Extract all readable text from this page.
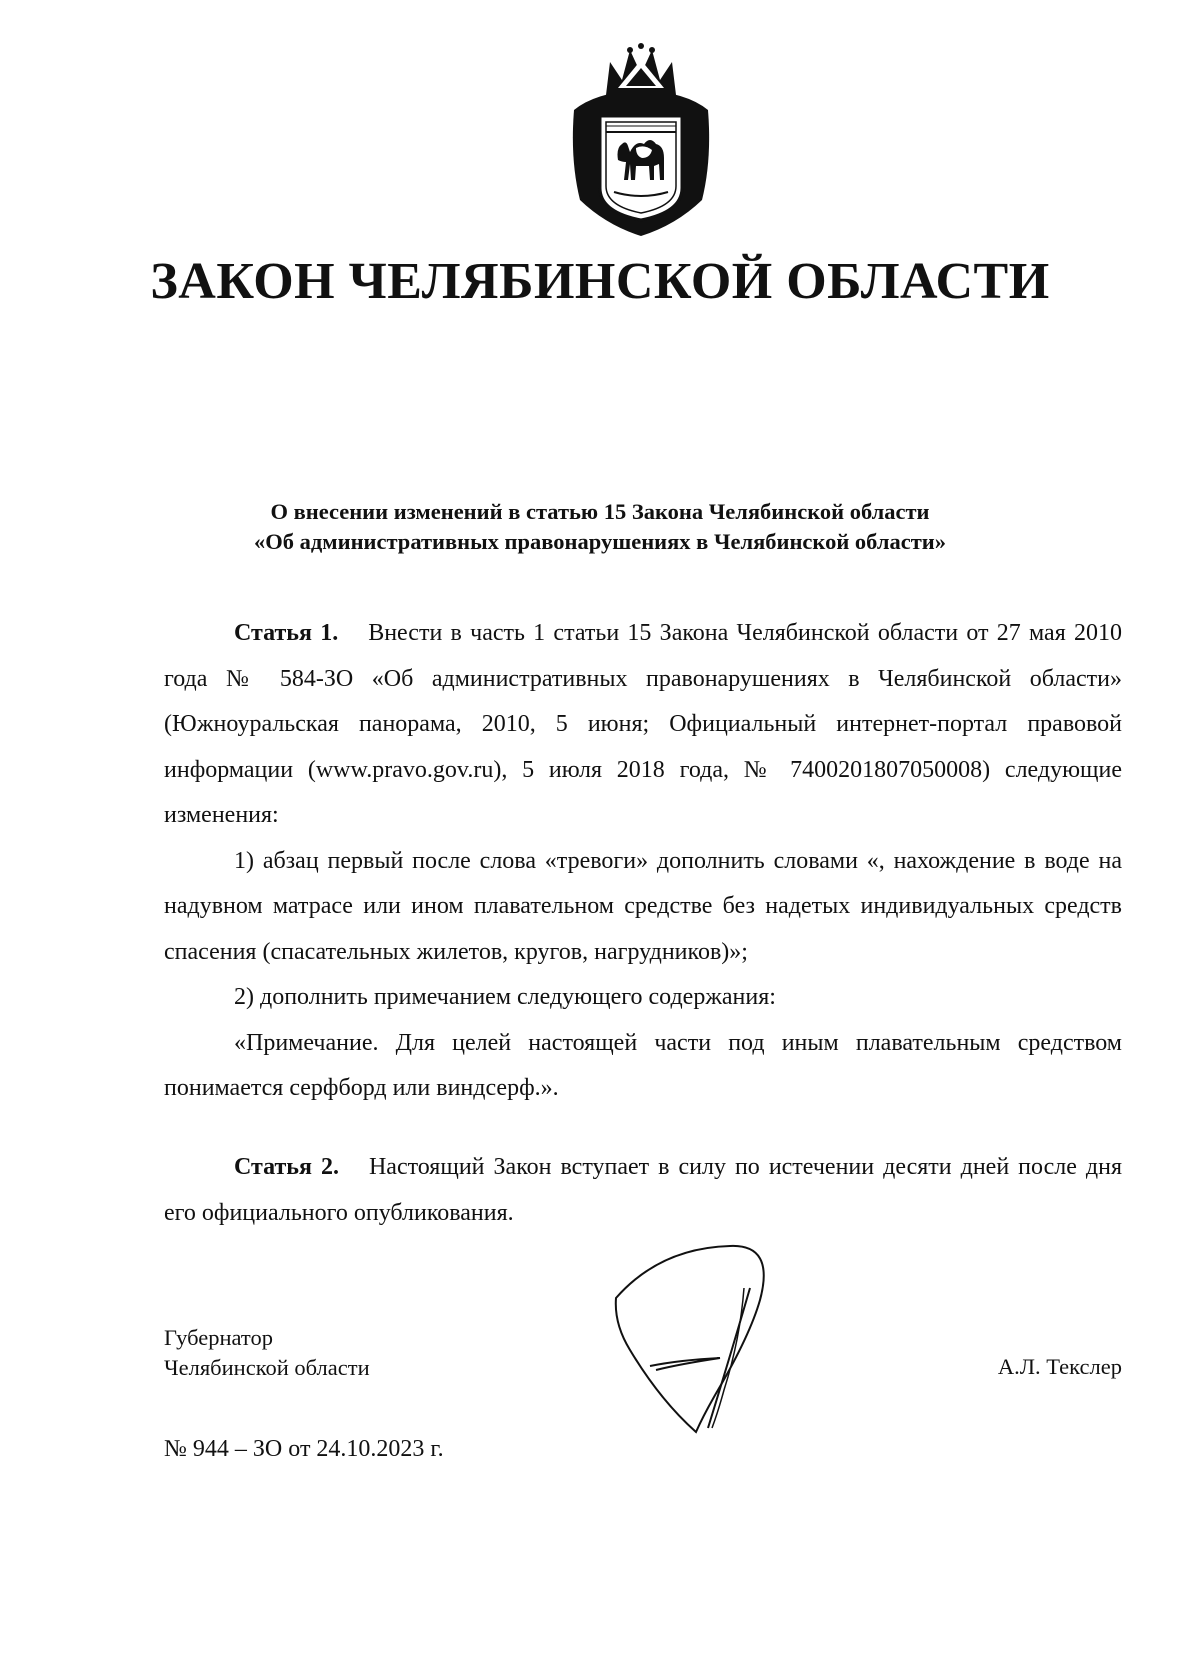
ЗАКОН ЧЕЛЯБИНСКОЙ ОБЛАСТИ
О внесении изменений в статью 15 Закона Челябинской области
«Об административных правонарушениях в Челябинской области»

Статья 1. Внести в часть 1 статьи 15 Закона Челябинской области от 27 мая 2010 года № 584-ЗО «Об административных правонарушениях в Челябинской области» (Южноуральская панорама, 2010, 5 июня; Официальный интернет-портал правовой информации (www.pravo.gov.ru), 5 июля 2018 года, № 7400201807050008) следующие изменения:

1) абзац первый после слова «тревоги» дополнить словами «, нахождение в воде на надувном матрасе или ином плавательном средстве без надетых индивидуальных средств спасения (спасательных жилетов, кругов, нагрудников)»;

2) дополнить примечанием следующего содержания:

«Примечание. Для целей настоящей части под иным плавательным средством понимается серфборд или виндсерф.».

Статья 2. Настоящий Закон вступает в силу по истечении десяти дней после дня его официального опубликования.

Губернатор
Челябинской области	А.Л. Текслер
№ 944 – ЗО от 24.10.2023 г.
